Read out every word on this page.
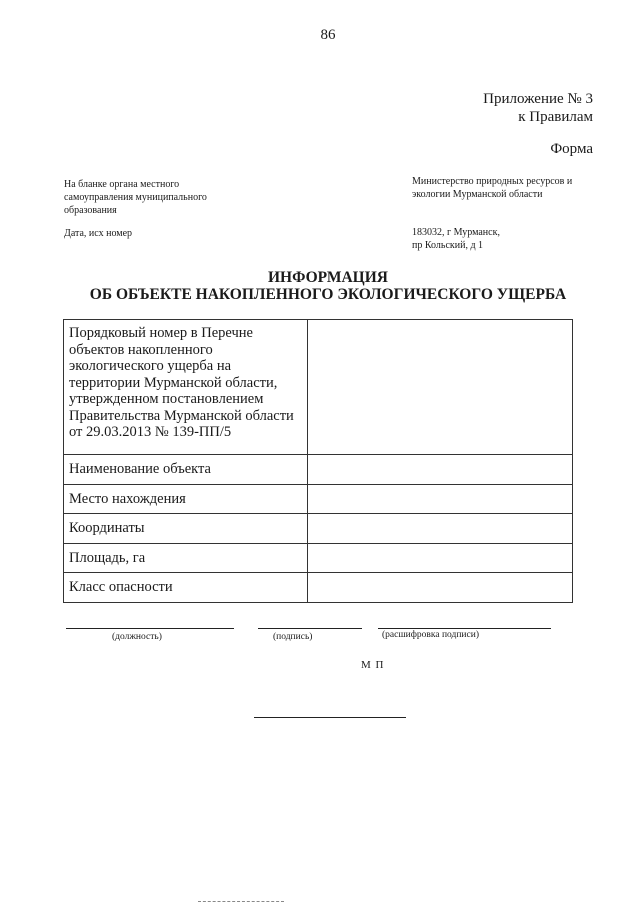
86
Приложение № 3
к Правилам
Форма
На бланке органа местного
самоуправления муниципального
образования
Дата, исх номер
Министерство природных ресурсов и
экологии Мурманской области
183032, г Мурманск,
пр Кольский, д 1
ИНФОРМАЦИЯ
ОБ ОБЪЕКТЕ НАКОПЛЕННОГО ЭКОЛОГИЧЕСКОГО УЩЕРБА
Порядковый номер в Перечне объектов накопленного экологического ущерба на территории Мурманской области, утвержденном постановлением Правительства Мурманской области от 29.03.2013 № 139-ПП/5	
Наименование объекта	
Место нахождения	
Координаты	
Площадь, га	
Класс опасности	
(должность)	(подпись)	(расшифровка подписи)
М П
